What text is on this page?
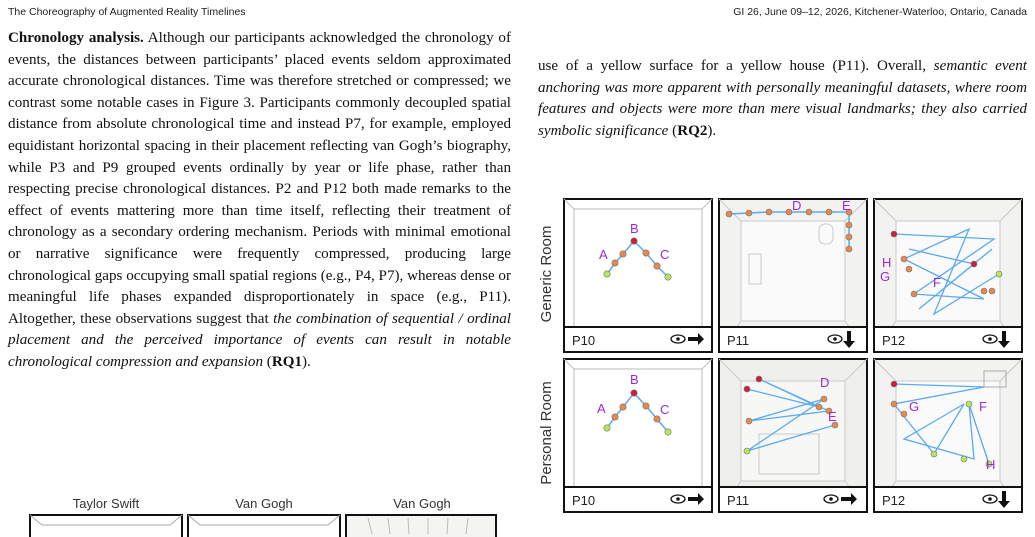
The Choreography of Augmented Reality Timelines	GI 26, June 09–12, 2026, Kitchener-Waterloo, Ontario, Canada
Chronology analysis. Although our participants acknowledged the chronology of events, the distances between participants’ placed events seldom approximated accurate chronological distances. Time was therefore stretched or compressed; we contrast some notable cases in Figure 3. Participants commonly decoupled spatial distance from absolute chronological time and instead P7, for example, employed equidistant horizontal spacing in their placement reflecting van Gogh’s biography, while P3 and P9 grouped events ordinally by year or life phase, rather than respecting precise chronological distances. P2 and P12 both made remarks to the effect of events mattering more than time itself, reflecting their treatment of chronology as a secondary ordering mechanism. Periods with minimal emotional or narrative significance were frequently compressed, producing large chronological gaps occupying small spatial regions (e.g., P4, P7), whereas dense or meaningful life phases expanded disproportionately in space (e.g., P11). Altogether, these observations suggest that the combination of sequential / ordinal placement and the perceived importance of events can result in notable chronological compression and expansion (RQ1).
use of a yellow surface for a yellow house (P11). Overall, semantic event anchoring was more apparent with personally meaningful datasets, where room features and objects were more than mere visual landmarks; they also carried symbolic significance (RQ2).
Generic Room
Personal Room
A
B
C
P10
D	E
P11
H
G	F
P12
A
B
C
P10
D
E
P11
G	F
H
P12
Taylor Swift	Van Gogh	Van Gogh
